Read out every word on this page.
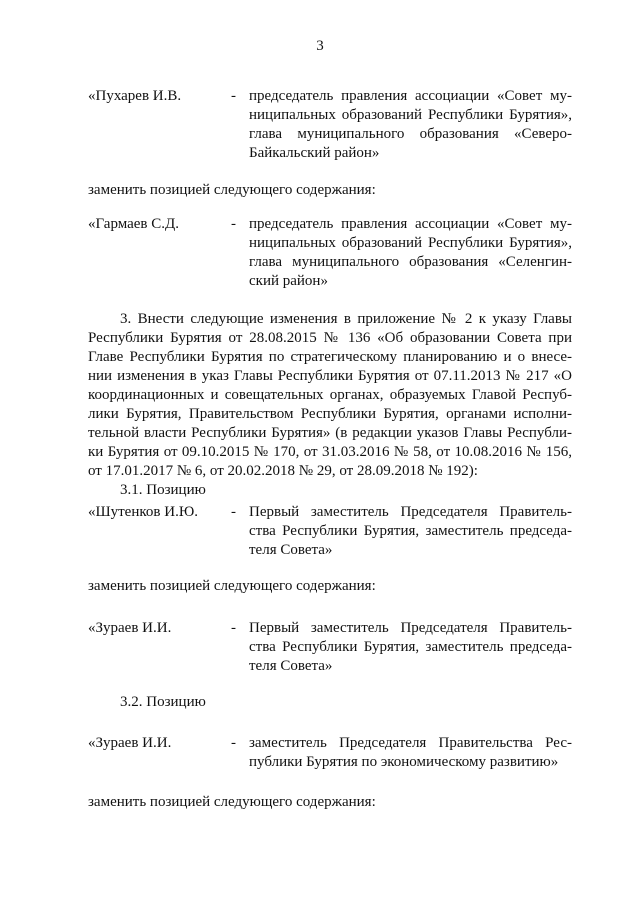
3
«Пухарев И.В.	- председатель правления ассоциации «Совет му-
ниципальных образований Республики Бурятия»,
глава муниципального образования «Северо-
Байкальский район»
заменить позицией следующего содержания:
«Гармаев С.Д.	- председатель правления ассоциации «Совет му-
ниципальных образований Республики Бурятия»,
глава муниципального образования «Селенгин-
ский район»
3. Внести следующие изменения в приложение № 2 к указу Главы
Республики Бурятия от 28.08.2015 № 136 «Об образовании Совета при
Главе Республики Бурятия по стратегическому планированию и о внесе-
нии изменения в указ Главы Республики Бурятия от 07.11.2013 № 217 «О
координационных и совещательных органах, образуемых Главой Респуб-
лики Бурятия, Правительством Республики Бурятия, органами исполни-
тельной власти Республики Бурятия» (в редакции указов Главы Республи-
ки Бурятия от 09.10.2015 № 170, от 31.03.2016 № 58, от 10.08.2016 № 156,
от 17.01.2017 № 6, от 20.02.2018 № 29, от 28.09.2018 № 192):
3.1. Позицию
«Шутенков И.Ю. - Первый заместитель Председателя Правитель-
ства Республики Бурятия, заместитель председа-
теля Совета»
заменить позицией следующего содержания:
«Зураев И.И.	- Первый заместитель Председателя Правитель-
ства Республики Бурятия, заместитель председа-
теля Совета»
3.2. Позицию
«Зураев И.И.	- заместитель Председателя Правительства Рес-
публики Бурятия по экономическому развитию»
заменить позицией следующего содержания:
